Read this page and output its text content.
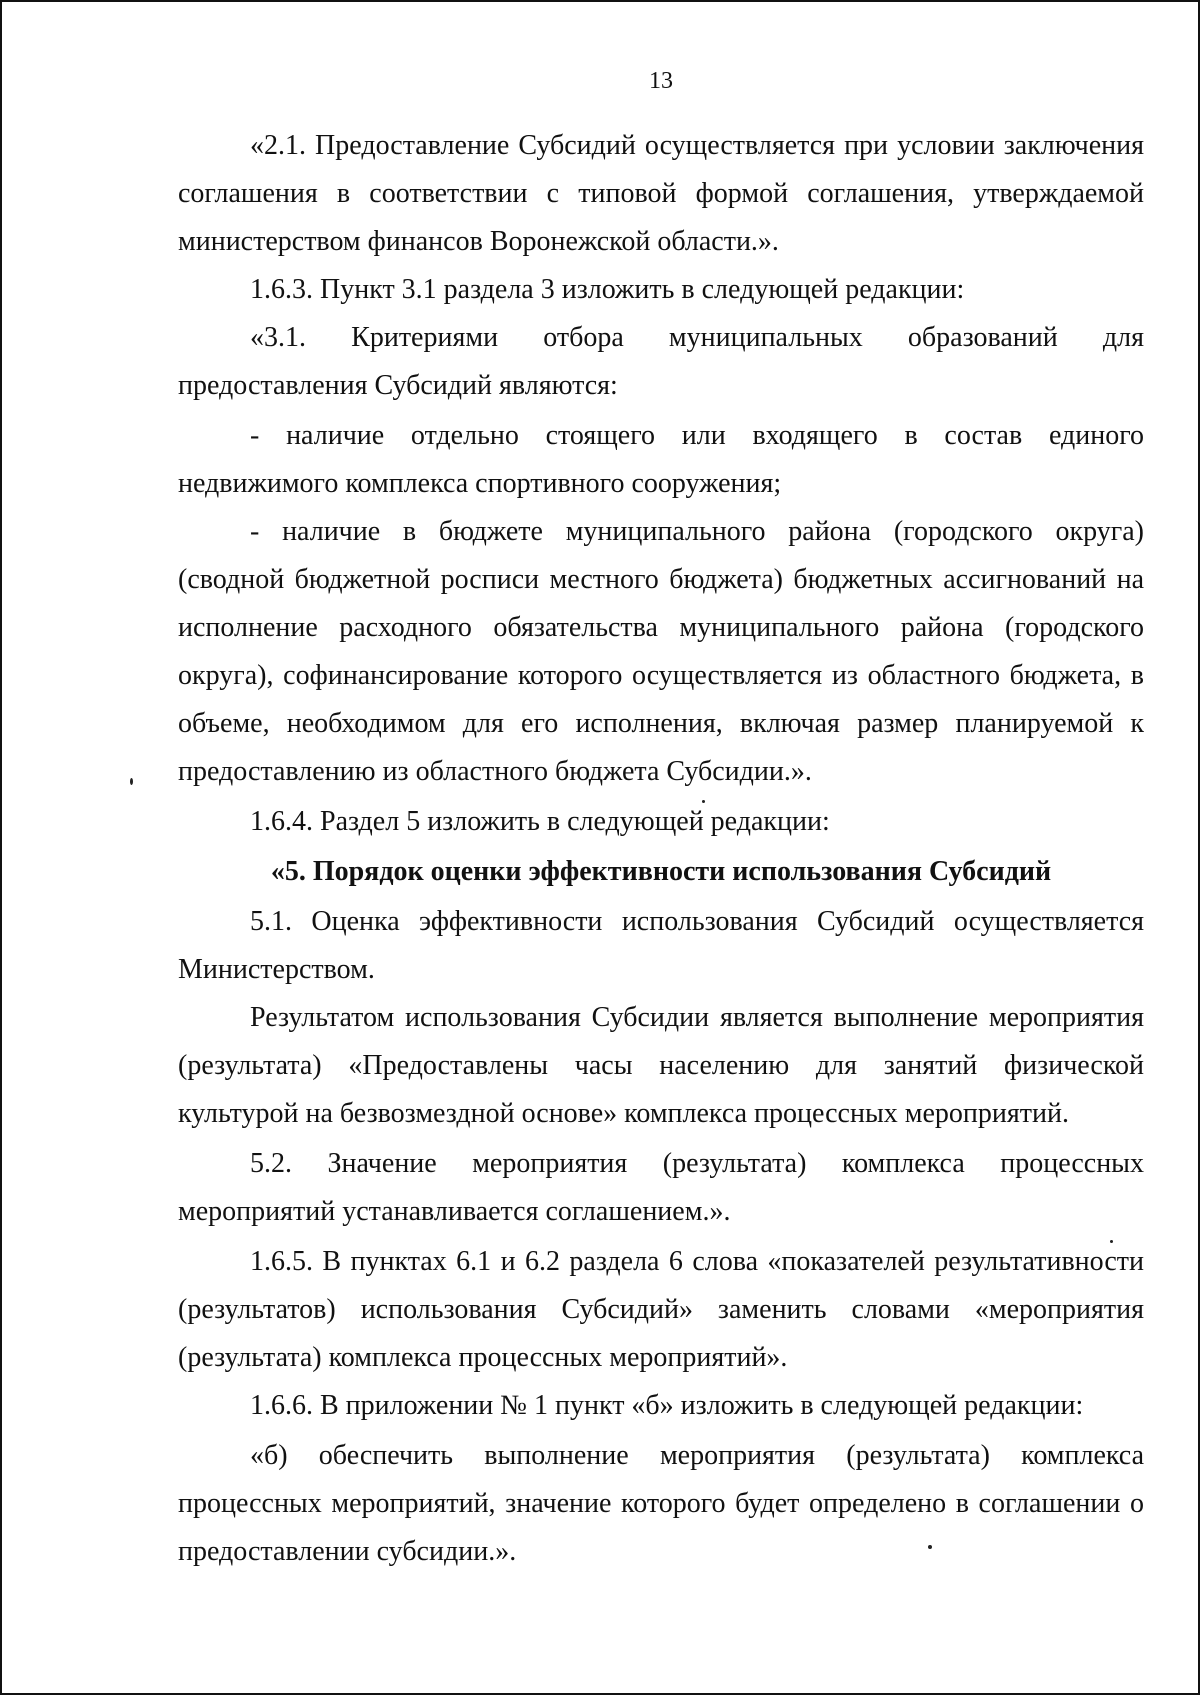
13

«2.1. Предоставление Субсидий осуществляется при условии заключения соглашения в соответствии с типовой формой соглашения, утверждаемой министерством финансов Воронежской области.».

1.6.3. Пункт 3.1 раздела 3 изложить в следующей редакции:

«3.1. Критериями отбора муниципальных образований для предоставления Субсидий являются:

- наличие отдельно стоящего или входящего в состав единого недвижимого комплекса спортивного сооружения;

- наличие в бюджете муниципального района (городского округа) (сводной бюджетной росписи местного бюджета) бюджетных ассигнований на исполнение расходного обязательства муниципального района (городского округа), софинансирование которого осуществляется из областного бюджета, в объеме, необходимом для его исполнения, включая размер планируемой к предоставлению из областного бюджета Субсидии.».

1.6.4. Раздел 5 изложить в следующей редакции:

«5. Порядок оценки эффективности использования Субсидий

5.1. Оценка эффективности использования Субсидий осуществляется Министерством.

Результатом использования Субсидии является выполнение мероприятия (результата) «Предоставлены часы населению для занятий физической культурой на безвозмездной основе» комплекса процессных мероприятий.

5.2. Значение мероприятия (результата) комплекса процессных мероприятий устанавливается соглашением.».

1.6.5. В пунктах 6.1 и 6.2 раздела 6 слова «показателей результативности (результатов) использования Субсидий» заменить словами «мероприятия (результата) комплекса процессных мероприятий».

1.6.6. В приложении № 1 пункт «б» изложить в следующей редакции:

«б) обеспечить выполнение мероприятия (результата) комплекса процессных мероприятий, значение которого будет определено в соглашении о предоставлении субсидии.».
